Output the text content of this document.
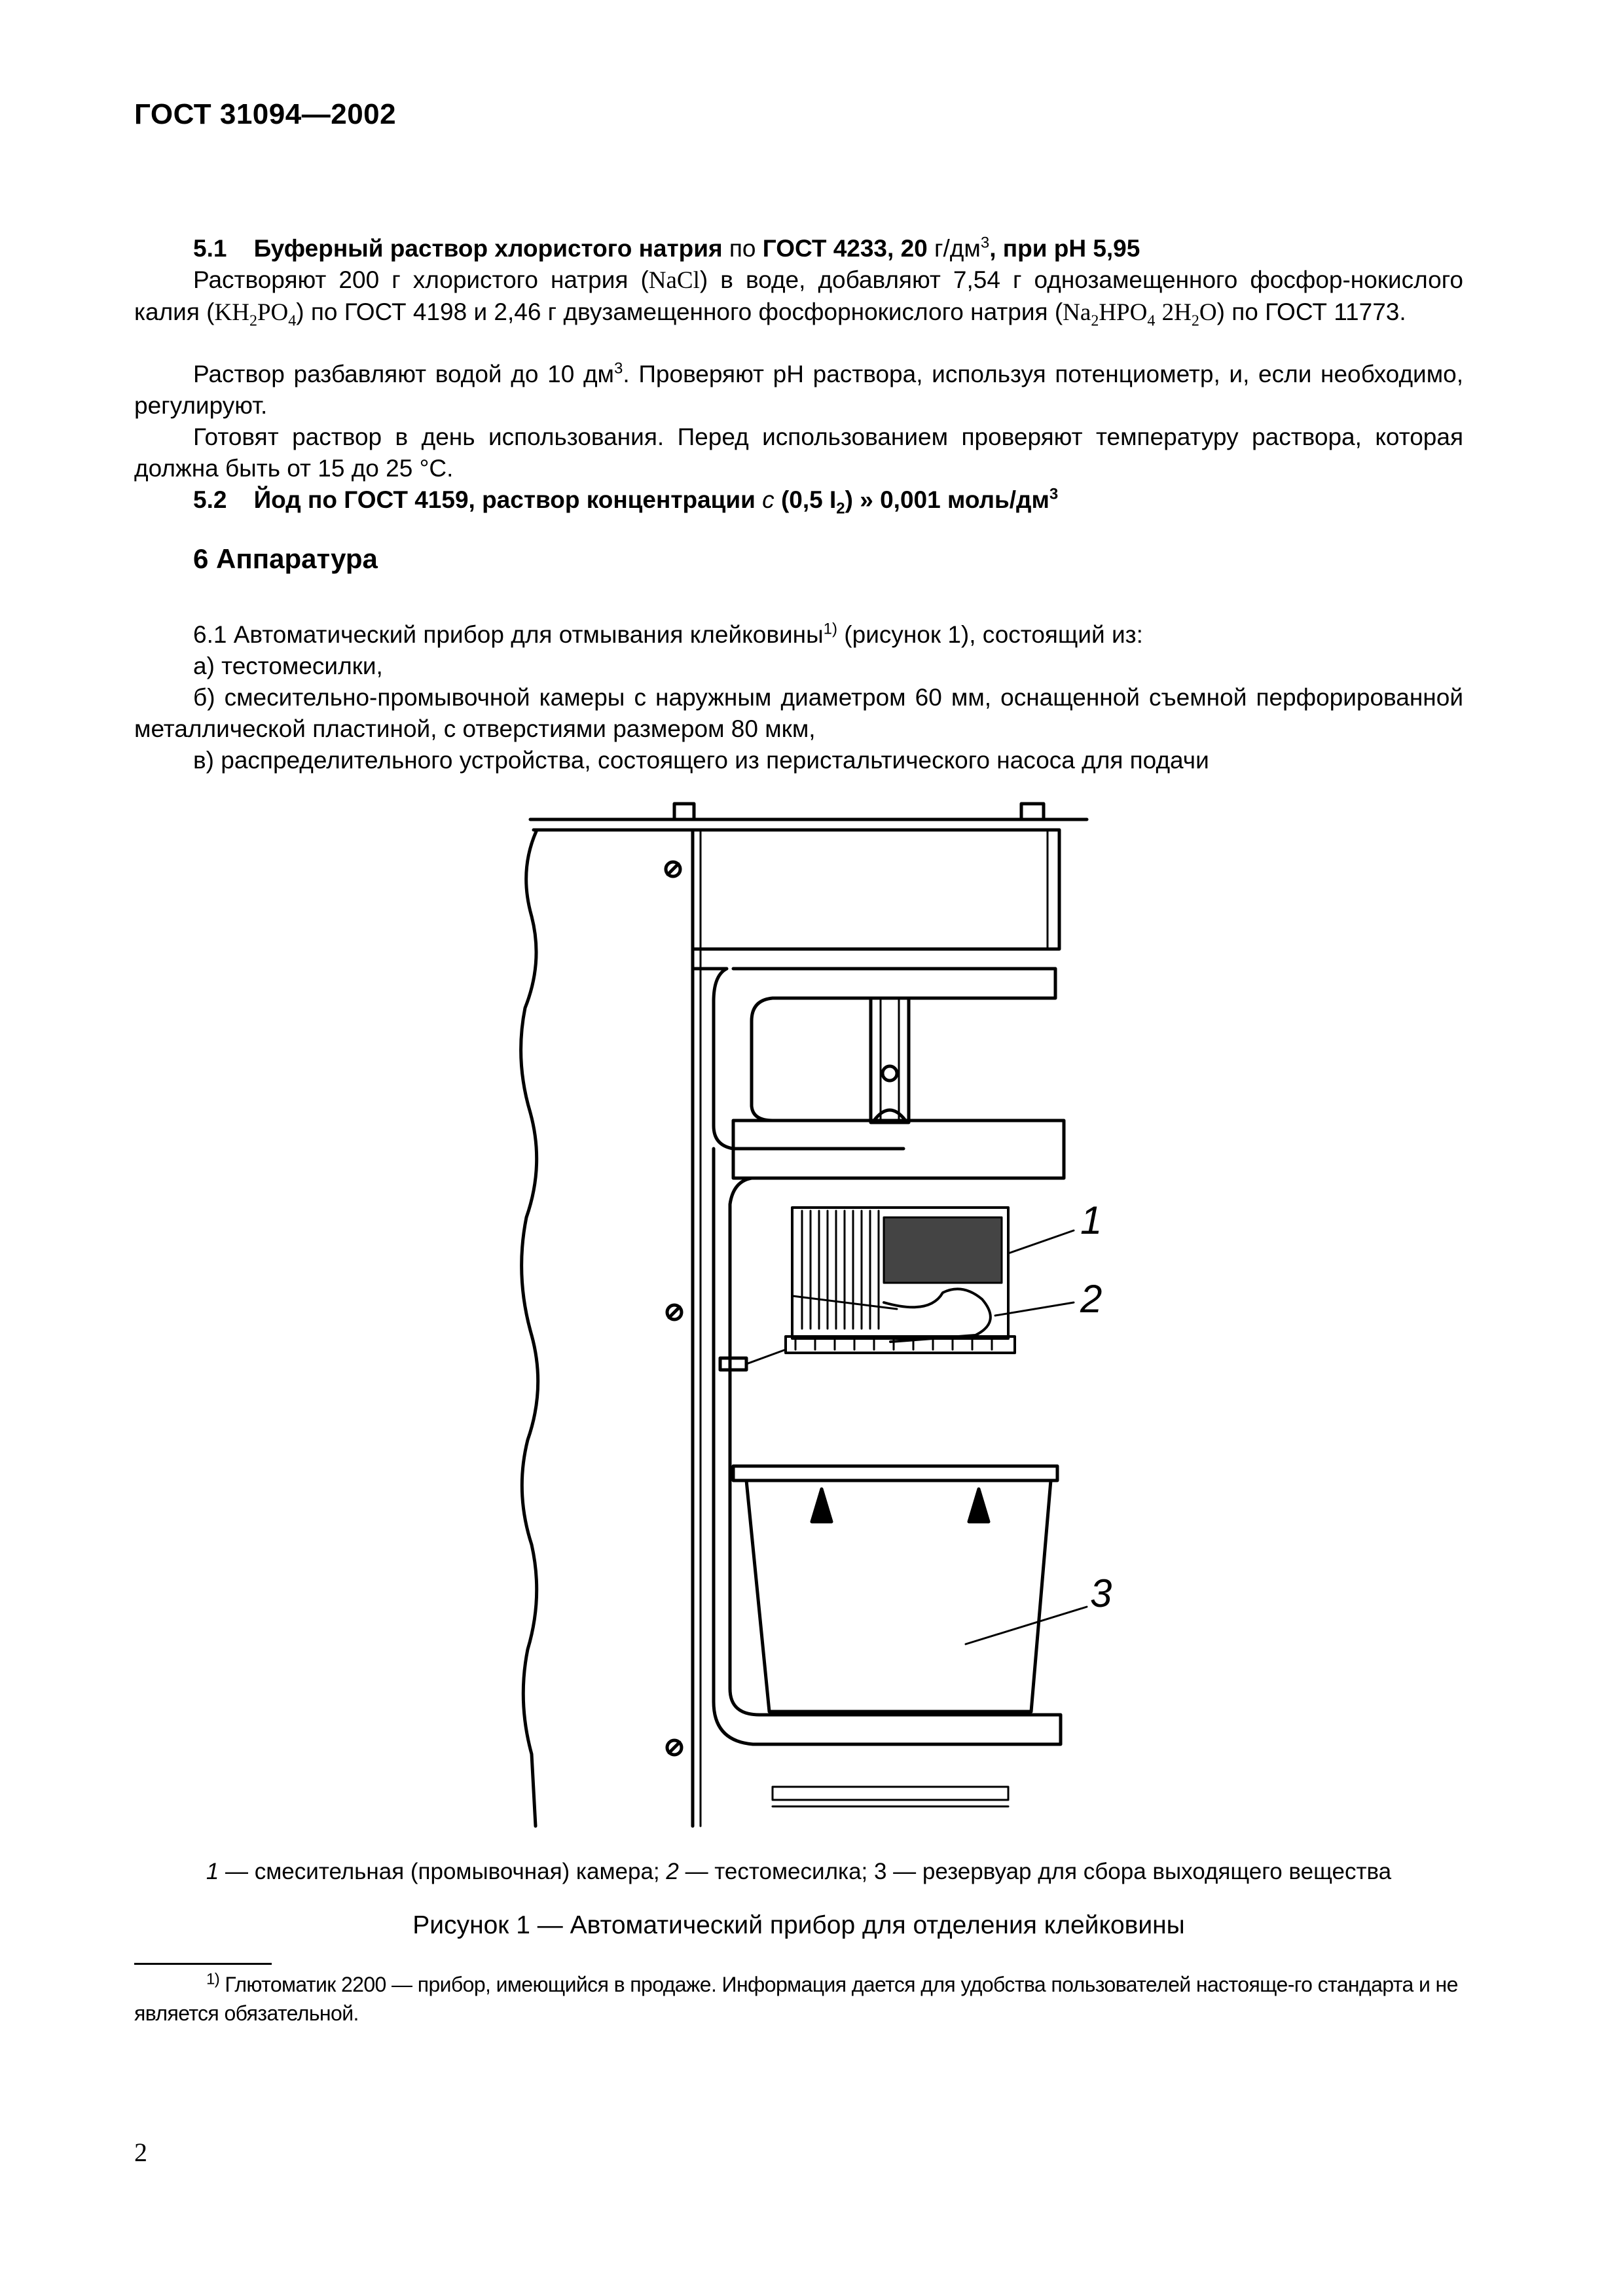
ГОСТ 31094—2002
5.1 Буферный раствор хлористого натрия по ГОСТ 4233, 20 $г/дм^3$, при pH 5,95
Растворяют 200 г хлористого натрия (NaCl) в воде, добавляют 7,54 г однозамещенного фосфор-нокислого калия $(KH_2PO_4)$ по ГОСТ 4198 и 2,46 г двузамещенного фосфорнокислого натрия ($Na_2HPO_4$ $2H_2O$) по ГОСТ 11773.
Раствор разбавляют водой до 10 $дм^3$. Проверяют pH раствора, используя потенциометр, и, если необходимо, регулируют.
Готовят раствор в день использования. Перед использованием проверяют температуру раствора, которая должна быть от 15 до 25 °С.
5.2 Йод по ГОСТ 4159, раствор концентрации c (0,5 $I_2$) » 0,001 моль/$дм^3$
6 Аппаратура
6.1 Автоматический прибор для отмывания клейковины$^{1)}$ (рисунок 1), состоящий из:
а) тестомесилки,
б) смесительно-промывочной камеры с наружным диаметром 60 мм, оснащенной съемной перфорированной металлической пластиной, с отверстиями размером 80 мкм,
в) распределительного устройства, состоящего из перистальтического насоса для подачи
1
2
3
1 — смесительная (промывочная) камера; 2 — тестомесилка; 3 — резервуар для сбора выходящего вещества
Рисунок 1 — Автоматический прибор для отделения клейковины
$^{1)}$ Глютоматик 2200 — прибор, имеющийся в продаже. Информация дается для удобства пользователей настояще-го стандарта и не является обязательной.
2
